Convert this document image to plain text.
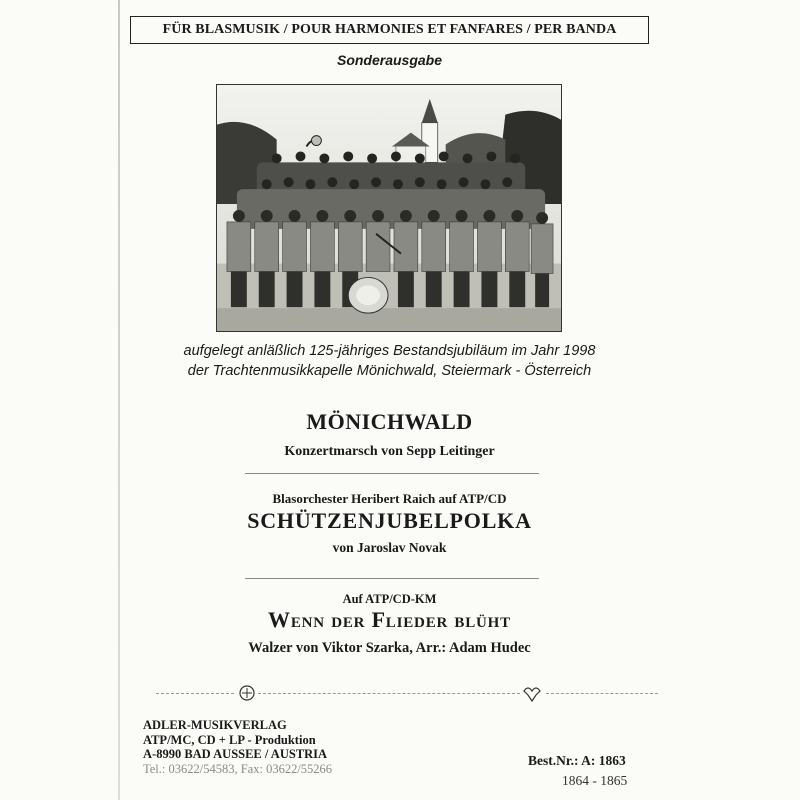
FÜR BLASMUSIK / POUR HARMONIES ET FANFARES / PER BANDA
Sonderausgabe
aufgelegt anläßlich 125-jähriges Bestandsjubiläum im Jahr 1998
der Trachtenmusikkapelle Mönichwald, Steiermark - Österreich
MÖNICHWALD
Konzertmarsch von Sepp Leitinger
Blasorchester Heribert Raich auf ATP/CD
SCHÜTZENJUBELPOLKA
von Jaroslav Novak
Auf ATP/CD-KM
Wenn der Flieder blüht
Walzer von Viktor Szarka, Arr.: Adam Hudec
ADLER-MUSIKVERLAG
ATP/MC, CD + LP - Produktion
A-8990 BAD AUSSEE / AUSTRIA
Tel.: 03622/54583, Fax: 03622/55266
Best.Nr.: A: 1863
1864 - 1865
